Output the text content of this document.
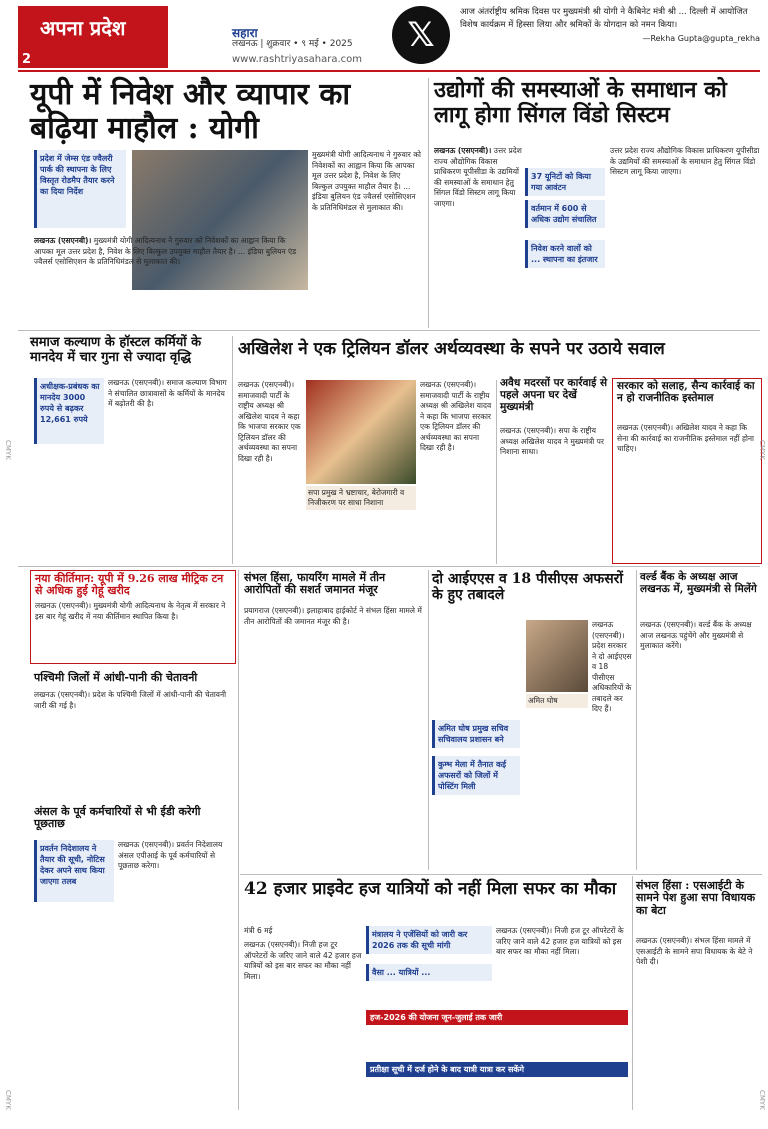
अपना प्रदेश
2
सहारा
लखनऊ | शुक्रवार • ९ मई • 2025
www.rashtriyasahara.com
𝕏
आज अंतर्राष्ट्रीय श्रमिक दिवस पर मुख्यमंत्री श्री योगी ने कैबिनेट मंत्री श्री ... दिल्ली में आयोजित विशेष कार्यक्रम में हिस्सा लिया और श्रमिकों के योगदान को नमन किया।
—Rekha Gupta@gupta_rekha
यूपी में निवेश और व्यापार का बढ़िया माहौल : योगी
प्रदेश में जेम्स एंड ज्वैलरी पार्क की स्थापना के लिए विस्तृत रोडमैप तैयार करने का दिया निर्देश
लखनऊ (एसएनबी)। मुख्यमंत्री योगी आदित्यनाथ ने गुरुवार को निवेशकों का आह्वान किया कि आपका मूल उत्तर प्रदेश है, निवेश के लिए बिल्कुल उपयुक्त माहौल तैयार है। ... इंडिया बुलियन एंड ज्वैलर्स एसोसिएशन के प्रतिनिधिमंडल से मुलाकात की।
मुख्यमंत्री योगी आदित्यनाथ ने गुरुवार को निवेशकों का आह्वान किया कि आपका मूल उत्तर प्रदेश है, निवेश के लिए बिल्कुल उपयुक्त माहौल तैयार है। ... इंडिया बुलियन एंड ज्वैलर्स एसोसिएशन के प्रतिनिधिमंडल से मुलाकात की।
उद्योगों की समस्याओं के समाधान को लागू होगा सिंगल विंडो सिस्टम
लखनऊ (एसएनबी)। उत्तर प्रदेश राज्य औद्योगिक विकास प्राधिकरण यूपीसीडा के उद्यमियों की समस्याओं के समाधान हेतु सिंगल विंडो सिस्टम लागू किया जाएगा।
37 यूनिटों को किया गया आवंटन
वर्तमान में 600 से अधिक उद्योग संचालित
निवेश करने वालों को ... स्थापना का इंतजार
उत्तर प्रदेश राज्य औद्योगिक विकास प्राधिकरण यूपीसीडा के उद्यमियों की समस्याओं के समाधान हेतु सिंगल विंडो सिस्टम लागू किया जाएगा।
समाज कल्याण के हॉस्टल कर्मियों के मानदेय में चार गुना से ज्यादा वृद्धि
अधीक्षक-प्रबंधक का मानदेय 3000 रुपये से बढ़कर 12,661 रुपये
लखनऊ (एसएनबी)। समाज कल्याण विभाग ने संचालित छात्रावासों के कर्मियों के मानदेय में बढ़ोतरी की है।
अखिलेश ने एक ट्रिलियन डॉलर अर्थव्यवस्था के सपने पर उठाये सवाल
लखनऊ (एसएनबी)। समाजवादी पार्टी के राष्ट्रीय अध्यक्ष श्री अखिलेश यादव ने कहा कि भाजपा सरकार एक ट्रिलियन डॉलर की अर्थव्यवस्था का सपना दिखा रही है।
सपा प्रमुख ने भ्रष्टाचार, बेरोजगारी व निजीकरण पर साधा निशाना
लखनऊ (एसएनबी)। समाजवादी पार्टी के राष्ट्रीय अध्यक्ष श्री अखिलेश यादव ने कहा कि भाजपा सरकार एक ट्रिलियन डॉलर की अर्थव्यवस्था का सपना दिखा रही है।
अवैध मदरसों पर कार्रवाई से पहले अपना घर देखें मुख्यमंत्री
लखनऊ (एसएनबी)। सपा के राष्ट्रीय अध्यक्ष अखिलेश यादव ने मुख्यमंत्री पर निशाना साधा।
सरकार को सलाह, सैन्य कार्रवाई का न हो राजनीतिक इस्तेमाल
लखनऊ (एसएनबी)। अखिलेश यादव ने कहा कि सेना की कार्रवाई का राजनीतिक इस्तेमाल नहीं होना चाहिए।
नया कीर्तिमान: यूपी में 9.26 लाख मीट्रिक टन से अधिक हुई गेहूं खरीद
लखनऊ (एसएनबी)। मुख्यमंत्री योगी आदित्यनाथ के नेतृत्व में सरकार ने इस बार गेहूं खरीद में नया कीर्तिमान स्थापित किया है।
पश्चिमी जिलों में आंधी-पानी की चेतावनी
लखनऊ (एसएनबी)। प्रदेश के पश्चिमी जिलों में आंधी-पानी की चेतावनी जारी की गई है।
अंसल के पूर्व कर्मचारियों से भी ईडी करेगी पूछताछ
प्रवर्तन निदेशालय ने तैयार की सूची, नोटिस देकर अपने साथ किया जाएगा तलब
लखनऊ (एसएनबी)। प्रवर्तन निदेशालय अंसल एपीआई के पूर्व कर्मचारियों से पूछताछ करेगा।
संभल हिंसा, फायरिंग मामले में तीन आरोपितों की सशर्त जमानत मंजूर
प्रयागराज (एसएनबी)। इलाहाबाद हाईकोर्ट ने संभल हिंसा मामले में तीन आरोपितों की जमानत मंजूर की है।
दो आईएएस व 18 पीसीएस अफसरों के हुए तबादले
अमित घोष
अमित घोष प्रमुख सचिव सचिवालय प्रशासन बने
कुम्भ मेला में तैनात कई अफसरों को जिलों में पोस्टिंग मिली
लखनऊ (एसएनबी)। प्रदेश सरकार ने दो आईएएस व 18 पीसीएस अधिकारियों के तबादले कर दिए हैं।
वर्ल्ड बैंक के अध्यक्ष आज लखनऊ में, मुख्यमंत्री से मिलेंगे
लखनऊ (एसएनबी)। वर्ल्ड बैंक के अध्यक्ष आज लखनऊ पहुंचेंगे और मुख्यमंत्री से मुलाकात करेंगे।
42 हजार प्राइवेट हज यात्रियों को नहीं मिला सफर का मौका
मंत्री 6 मई
लखनऊ (एसएनबी)। निजी हज टूर ऑपरेटरों के जरिए जाने वाले 42 हजार हज यात्रियों को इस बार सफर का मौका नहीं मिला।
मंत्रालय ने एजेंसियों को जारी कर 2026 तक की सूची मांगी
वैसा ... यात्रियों ...
लखनऊ (एसएनबी)। निजी हज टूर ऑपरेटरों के जरिए जाने वाले 42 हजार हज यात्रियों को इस बार सफर का मौका नहीं मिला।
हज-2026 की योजना जून-जुलाई तक जारी
प्रतीक्षा सूची में दर्ज होने के बाद यात्री यात्रा कर सकेंगे
संभल हिंसा : एसआईटी के सामने पेश हुआ सपा विधायक का बेटा
लखनऊ (एसएनबी)। संभल हिंसा मामले में एसआईटी के सामने सपा विधायक के बेटे ने पेशी दी।
CMYK
CMYK
CMYK
CMYK
